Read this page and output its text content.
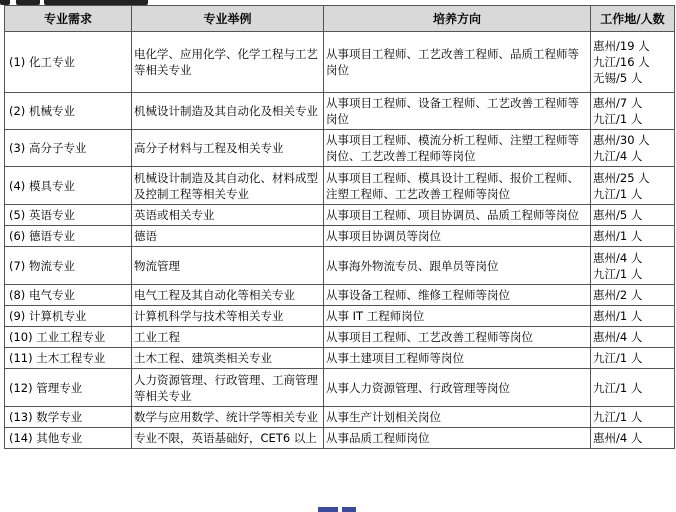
专业需求	专业举例	培养方向	工作地/人数
(1) 化工专业	电化学、应用化学、化学工程与工艺等相关专业	从事项目工程师、工艺改善工程师、品质工程师等岗位	惠州/19 人
九江/16 人
无锡/5 人

(2) 机械专业	机械设计制造及其自动化及相关专业	从事项目工程师、设备工程师、工艺改善工程师等岗位	惠州/7 人
九江/1 人

(3) 高分子专业	高分子材料与工程及相关专业	从事项目工程师、模流分析工程师、注塑工程师等岗位、工艺改善工程师等岗位	惠州/30 人
九江/4 人

(4) 模具专业	机械设计制造及其自动化、材料成型及控制工程等相关专业	从事项目工程师、模具设计工程师、报价工程师、注塑工程师、工艺改善工程师等岗位	惠州/25 人
九江/1 人

(5) 英语专业	英语或相关专业	从事项目工程师、项目协调员、品质工程师等岗位	惠州/5 人

(6) 德语专业	德语	从事项目协调员等岗位	惠州/1 人

(7) 物流专业	物流管理	从事海外物流专员、跟单员等岗位	惠州/4 人
九江/1 人

(8) 电气专业	电气工程及其自动化等相关专业	从事设备工程师、维修工程师等岗位	惠州/2 人

(9) 计算机专业	计算机科学与技术等相关专业	从事 IT 工程师岗位	惠州/1 人

(10) 工业工程专业	工业工程	从事项目工程师、工艺改善工程师等岗位	惠州/4 人

(11) 土木工程专业	土木工程、建筑类相关专业	从事土建项目工程师等岗位	九江/1 人

(12) 管理专业	人力资源管理、行政管理、工商管理等相关专业	从事人力资源管理、行政管理等岗位	九江/1 人

(13) 数学专业	数学与应用数学、统计学等相关专业	从事生产计划相关岗位	九江/1 人

(14) 其他专业	专业不限，英语基础好，CET6 以上	从事品质工程师岗位	惠州/4 人
